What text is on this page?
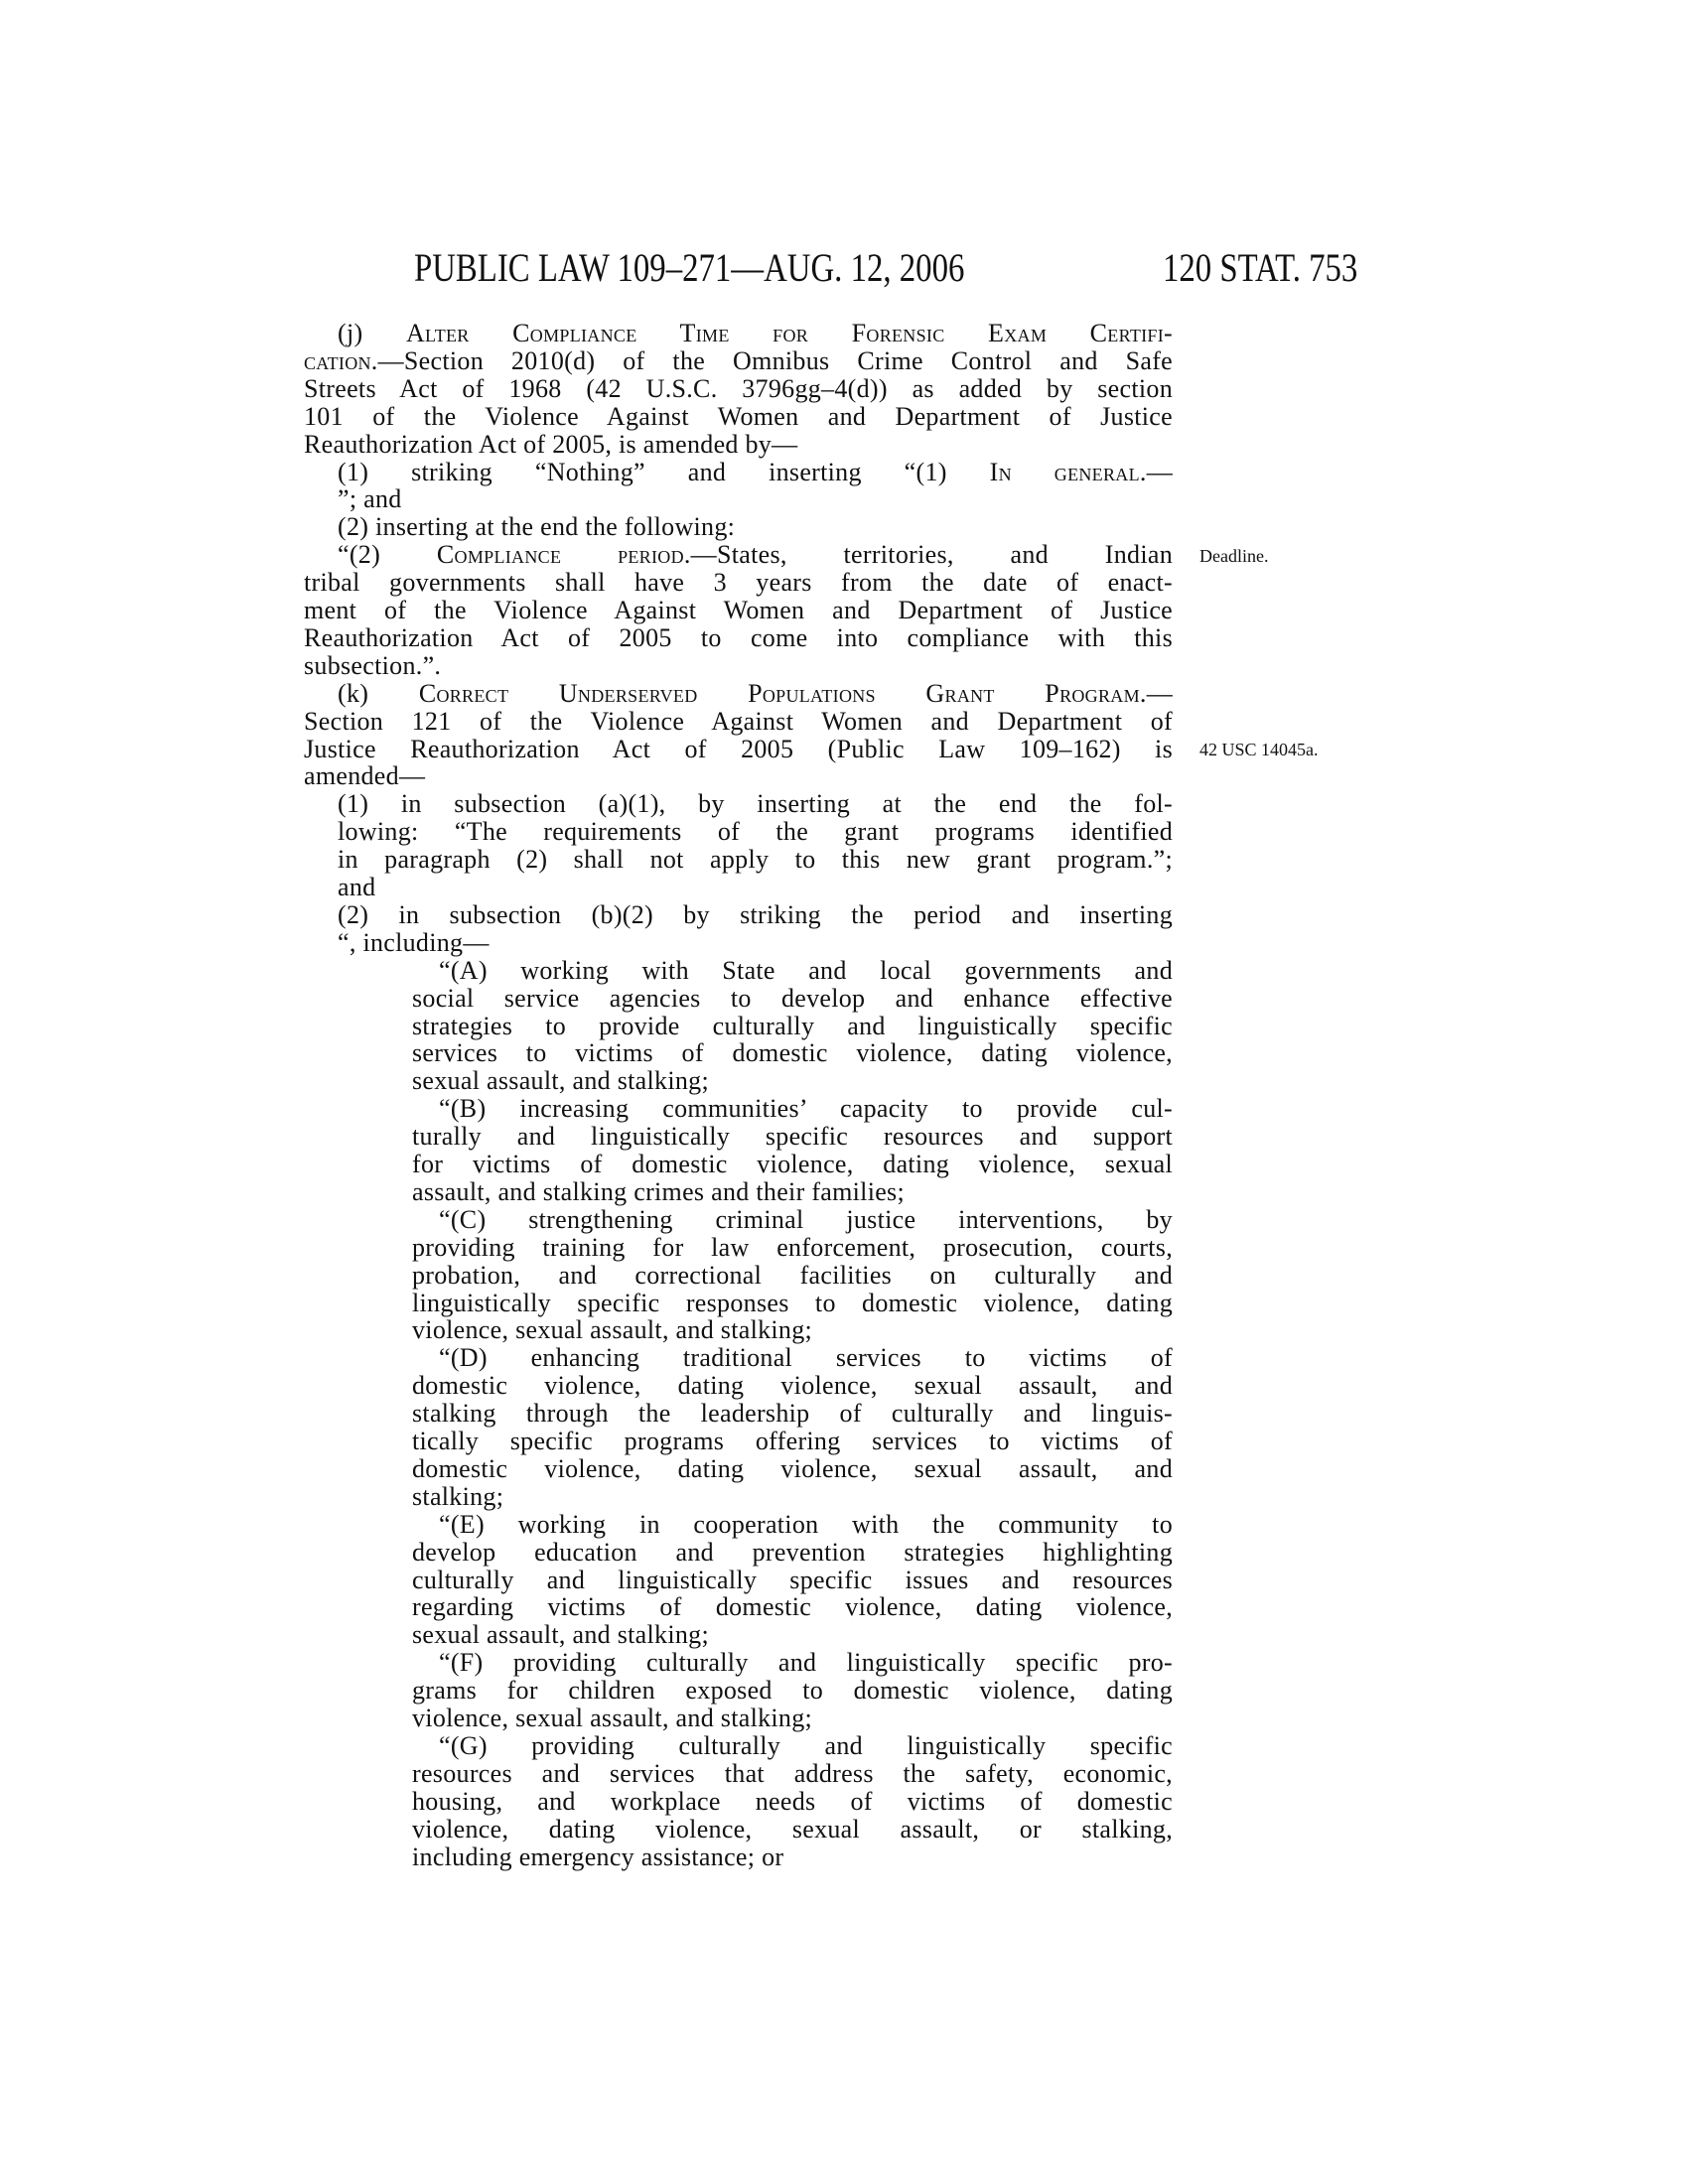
PUBLIC LAW 109–271—AUG. 12, 2006	120 STAT. 753
Deadline.
42 USC 14045a.
(j) Alter Compliance Time for Forensic Exam Certifi-
cation.—Section 2010(d) of the Omnibus Crime Control and Safe
Streets Act of 1968 (42 U.S.C. 3796gg–4(d)) as added by section
101 of the Violence Against Women and Department of Justice
Reauthorization Act of 2005, is amended by—
(1) striking “Nothing” and inserting “(1) In general.—
”; and
(2) inserting at the end the following:
“(2) Compliance period.—States, territories, and Indian
tribal governments shall have 3 years from the date of enact-
ment of the Violence Against Women and Department of Justice
Reauthorization Act of 2005 to come into compliance with this
subsection.”.
(k) Correct Underserved Populations Grant Program.—
Section 121 of the Violence Against Women and Department of
Justice Reauthorization Act of 2005 (Public Law 109–162) is
amended—
(1) in subsection (a)(1), by inserting at the end the fol-
lowing: “The requirements of the grant programs identified
in paragraph (2) shall not apply to this new grant program.”;
and
(2) in subsection (b)(2) by striking the period and inserting
“, including—
“(A) working with State and local governments and
social service agencies to develop and enhance effective
strategies to provide culturally and linguistically specific
services to victims of domestic violence, dating violence,
sexual assault, and stalking;
“(B) increasing communities’ capacity to provide cul-
turally and linguistically specific resources and support
for victims of domestic violence, dating violence, sexual
assault, and stalking crimes and their families;
“(C) strengthening criminal justice interventions, by
providing training for law enforcement, prosecution, courts,
probation, and correctional facilities on culturally and
linguistically specific responses to domestic violence, dating
violence, sexual assault, and stalking;
“(D) enhancing traditional services to victims of
domestic violence, dating violence, sexual assault, and
stalking through the leadership of culturally and linguis-
tically specific programs offering services to victims of
domestic violence, dating violence, sexual assault, and
stalking;
“(E) working in cooperation with the community to
develop education and prevention strategies highlighting
culturally and linguistically specific issues and resources
regarding victims of domestic violence, dating violence,
sexual assault, and stalking;
“(F) providing culturally and linguistically specific pro-
grams for children exposed to domestic violence, dating
violence, sexual assault, and stalking;
“(G) providing culturally and linguistically specific
resources and services that address the safety, economic,
housing, and workplace needs of victims of domestic
violence, dating violence, sexual assault, or stalking,
including emergency assistance; or
